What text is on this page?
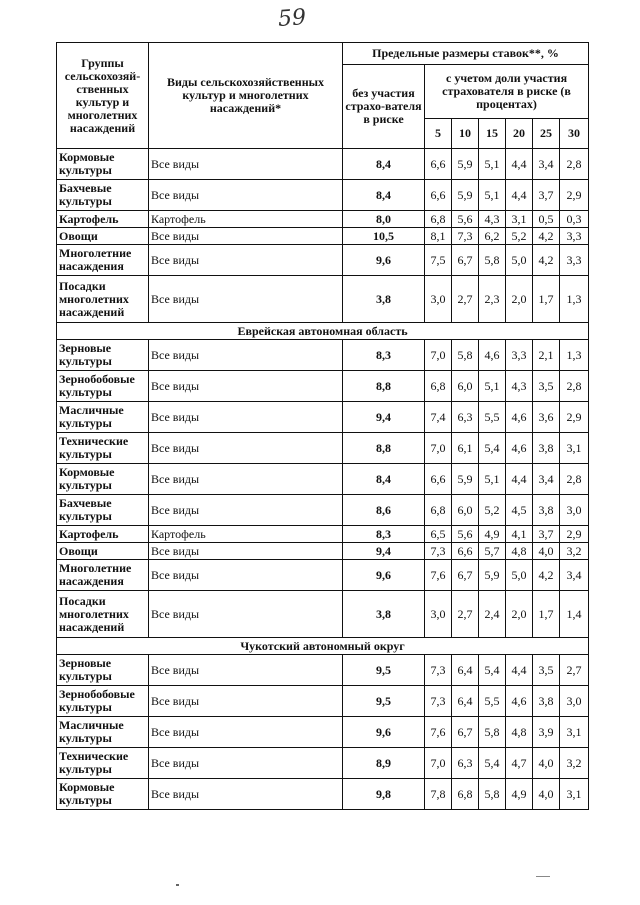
59
Группы сельскохозяй-ственных культур и многолетних насаждений	Виды сельскохозяйственных культур и многолетних насаждений*	Предельные размеры ставок**, %						
		без участия страхо-вателя в риске	с учетом доли участия страхователя в риске (в процентах)					
			5	10	15	20	25	30
Кормовые культуры	Все виды	8,4	6,6	5,9	5,1	4,4	3,4	2,8
Бахчевые культуры	Все виды	8,4	6,6	5,9	5,1	4,4	3,7	2,9
Картофель	Картофель	8,0	6,8	5,6	4,3	3,1	0,5	0,3
Овощи	Все виды	10,5	8,1	7,3	6,2	5,2	4,2	3,3
Многолетние насаждения	Все виды	9,6	7,5	6,7	5,8	5,0	4,2	3,3
Посадки многолетних насаждений	Все виды	3,8	3,0	2,7	2,3	2,0	1,7	1,3
Еврейская автономная область								
Зерновые культуры	Все виды	8,3	7,0	5,8	4,6	3,3	2,1	1,3
Зернобобовые культуры	Все виды	8,8	6,8	6,0	5,1	4,3	3,5	2,8
Масличные культуры	Все виды	9,4	7,4	6,3	5,5	4,6	3,6	2,9
Технические культуры	Все виды	8,8	7,0	6,1	5,4	4,6	3,8	3,1
Кормовые культуры	Все виды	8,4	6,6	5,9	5,1	4,4	3,4	2,8
Бахчевые культуры	Все виды	8,6	6,8	6,0	5,2	4,5	3,8	3,0
Картофель	Картофель	8,3	6,5	5,6	4,9	4,1	3,7	2,9
Овощи	Все виды	9,4	7,3	6,6	5,7	4,8	4,0	3,2
Многолетние насаждения	Все виды	9,6	7,6	6,7	5,9	5,0	4,2	3,4
Посадки многолетних насаждений	Все виды	3,8	3,0	2,7	2,4	2,0	1,7	1,4
Чукотский автономный округ								
Зерновые культуры	Все виды	9,5	7,3	6,4	5,4	4,4	3,5	2,7
Зернобобовые культуры	Все виды	9,5	7,3	6,4	5,5	4,6	3,8	3,0
Масличные культуры	Все виды	9,6	7,6	6,7	5,8	4,8	3,9	3,1
Технические культуры	Все виды	8,9	7,0	6,3	5,4	4,7	4,0	3,2
Кормовые культуры	Все виды	9,8	7,8	6,8	5,8	4,9	4,0	3,1
